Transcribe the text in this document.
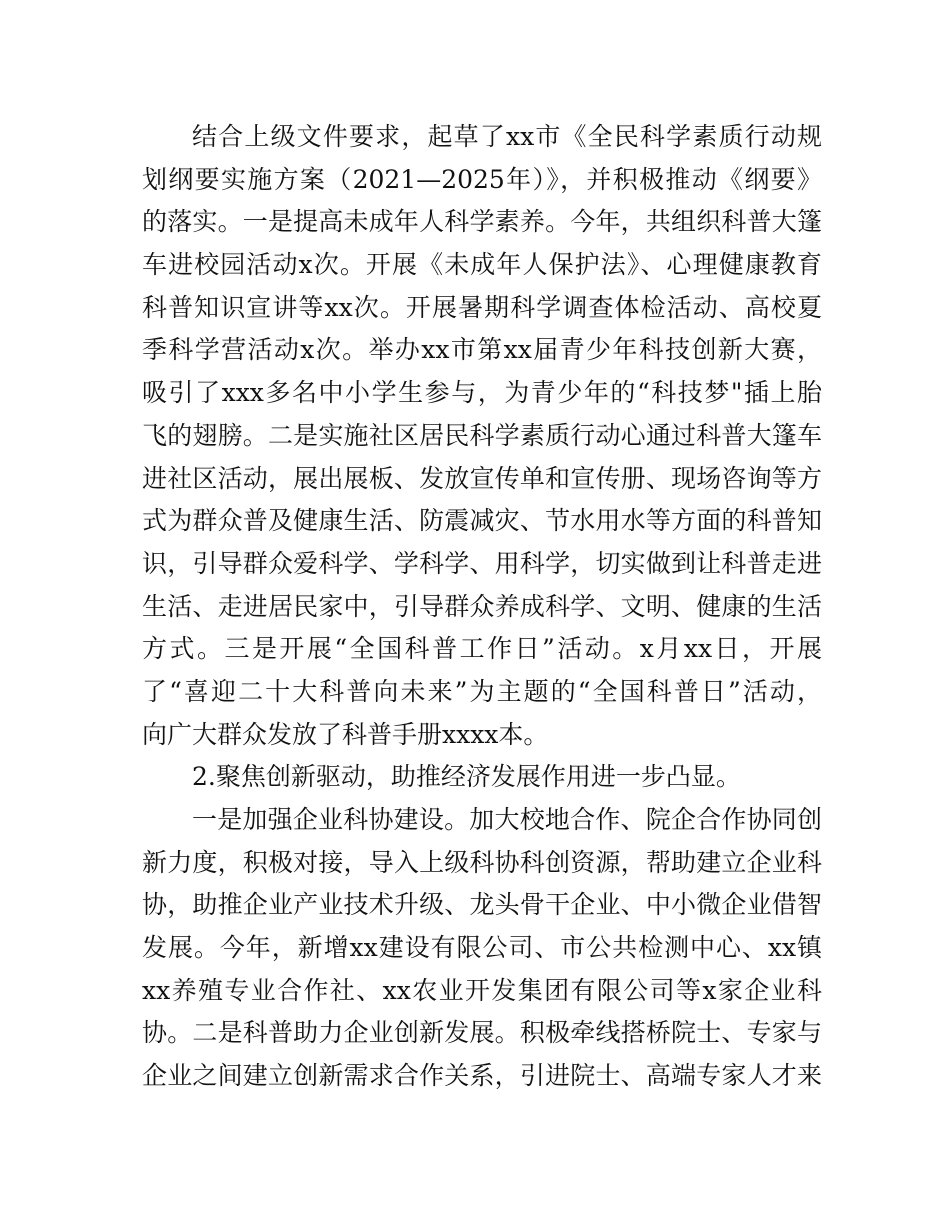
结合上级文件要求，起草了xx市《全民科学素质行动规
划纲要实施方案（2021—2025年）》，并积极推动《纲要》
的落实。一是提高未成年人科学素养。今年，共组织科普大篷
车进校园活动x次。开展《未成年人保护法》、心理健康教育
科普知识宣讲等xx次。开展暑期科学调查体检活动、高校夏
季科学营活动x次。举办xx市第xx届青少年科技创新大赛，
吸引了xxx多名中小学生参与，为青少年的“科技梦"插上胎
飞的翅膀。二是实施社区居民科学素质行动心通过科普大篷车
进社区活动，展出展板、发放宣传单和宣传册、现场咨询等方
式为群众普及健康生活、防震减灾、节水用水等方面的科普知
识，引导群众爱科学、学科学、用科学，切实做到让科普走进
生活、走进居民家中，引导群众养成科学、文明、健康的生活
方式。三是开展“全国科普工作日”活动。x月xx日，开展
了“喜迎二十大科普向未来”为主题的“全国科普日”活动，
向广大群众发放了科普手册xxxx本。
2.聚焦创新驱动，助推经济发展作用进一步凸显。
一是加强企业科协建设。加大校地合作、院企合作协同创
新力度，积极对接，导入上级科协科创资源，帮助建立企业科
协，助推企业产业技术升级、龙头骨干企业、中小微企业借智
发展。今年，新增xx建设有限公司、市公共检测中心、xx镇
xx养殖专业合作社、xx农业开发集团有限公司等x家企业科
协。二是科普助力企业创新发展。积极牵线搭桥院士、专家与
企业之间建立创新需求合作关系，引进院士、高端专家人才来
